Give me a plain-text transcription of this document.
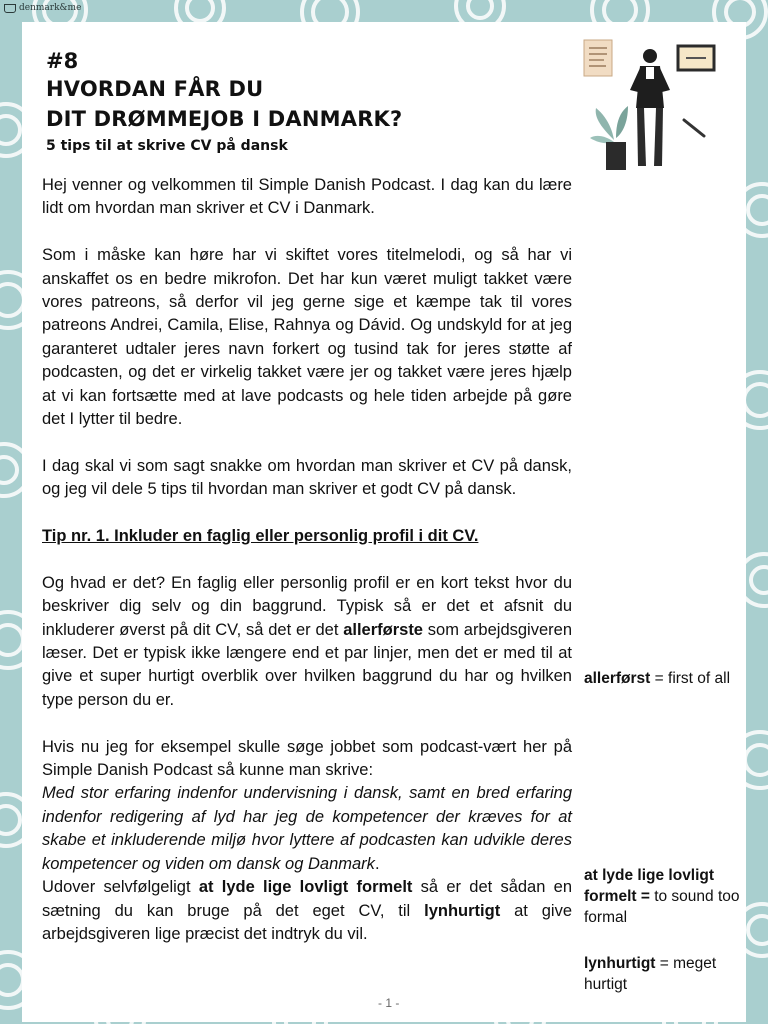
denmark&me
#8
HVORDAN FÅR DU
DIT DRØMMEJOB I DANMARK?
5 tips til at skrive CV på dansk

Hej venner og velkommen til Simple Danish Podcast. I dag kan du lære lidt om hvordan man skriver et CV i Danmark.

Som i måske kan høre har vi skiftet vores titelmelodi, og så har vi anskaffet os en bedre mikrofon. Det har kun været muligt takket være vores patreons, så derfor vil jeg gerne sige et kæmpe tak til vores patreons Andrei, Camila, Elise, Rahnya og Dávid. Og undskyld for at jeg garanteret udtaler jeres navn forkert og tusind tak for jeres støtte af podcasten, og det er virkelig takket være jer og takket være jeres hjælp at vi kan fortsætte med at lave podcasts og hele tiden arbejde på gøre det I lytter til bedre.

I dag skal vi som sagt snakke om hvordan man skriver et CV på dansk, og jeg vil dele 5 tips til hvordan man skriver et godt CV på dansk.

Tip nr. 1. Inkluder en faglig eller personlig profil i dit CV.

Og hvad er det? En faglig eller personlig profil er en kort tekst hvor du beskriver dig selv og din baggrund. Typisk så er det et afsnit du inkluderer øverst på dit CV, så det er det allerførste som arbejdsgiveren læser. Det er typisk ikke længere end et par linjer, men det er med til at give et super hurtigt overblik over hvilken baggrund du har og hvilken type person du er.

Hvis nu jeg for eksempel skulle søge jobbet som podcast-vært her på Simple Danish Podcast så kunne man skrive:

Med stor erfaring indenfor undervisning i dansk, samt en bred erfaring indenfor redigering af lyd har jeg de kompetencer der kræves for at skabe et inkluderende miljø hvor lyttere af podcasten kan udvikle deres kompetencer og viden om dansk og Danmark.

Udover selvfølgeligt at lyde lige lovligt formelt så er det sådan en sætning du kan bruge på det eget CV, til lynhurtigt at give arbejdsgiveren lige præcist det indtryk du vil.

allerførst = first of all
at lyde lige lovligt formelt = to sound too formal
lynhurtigt = meget hurtigt
- 1 -
